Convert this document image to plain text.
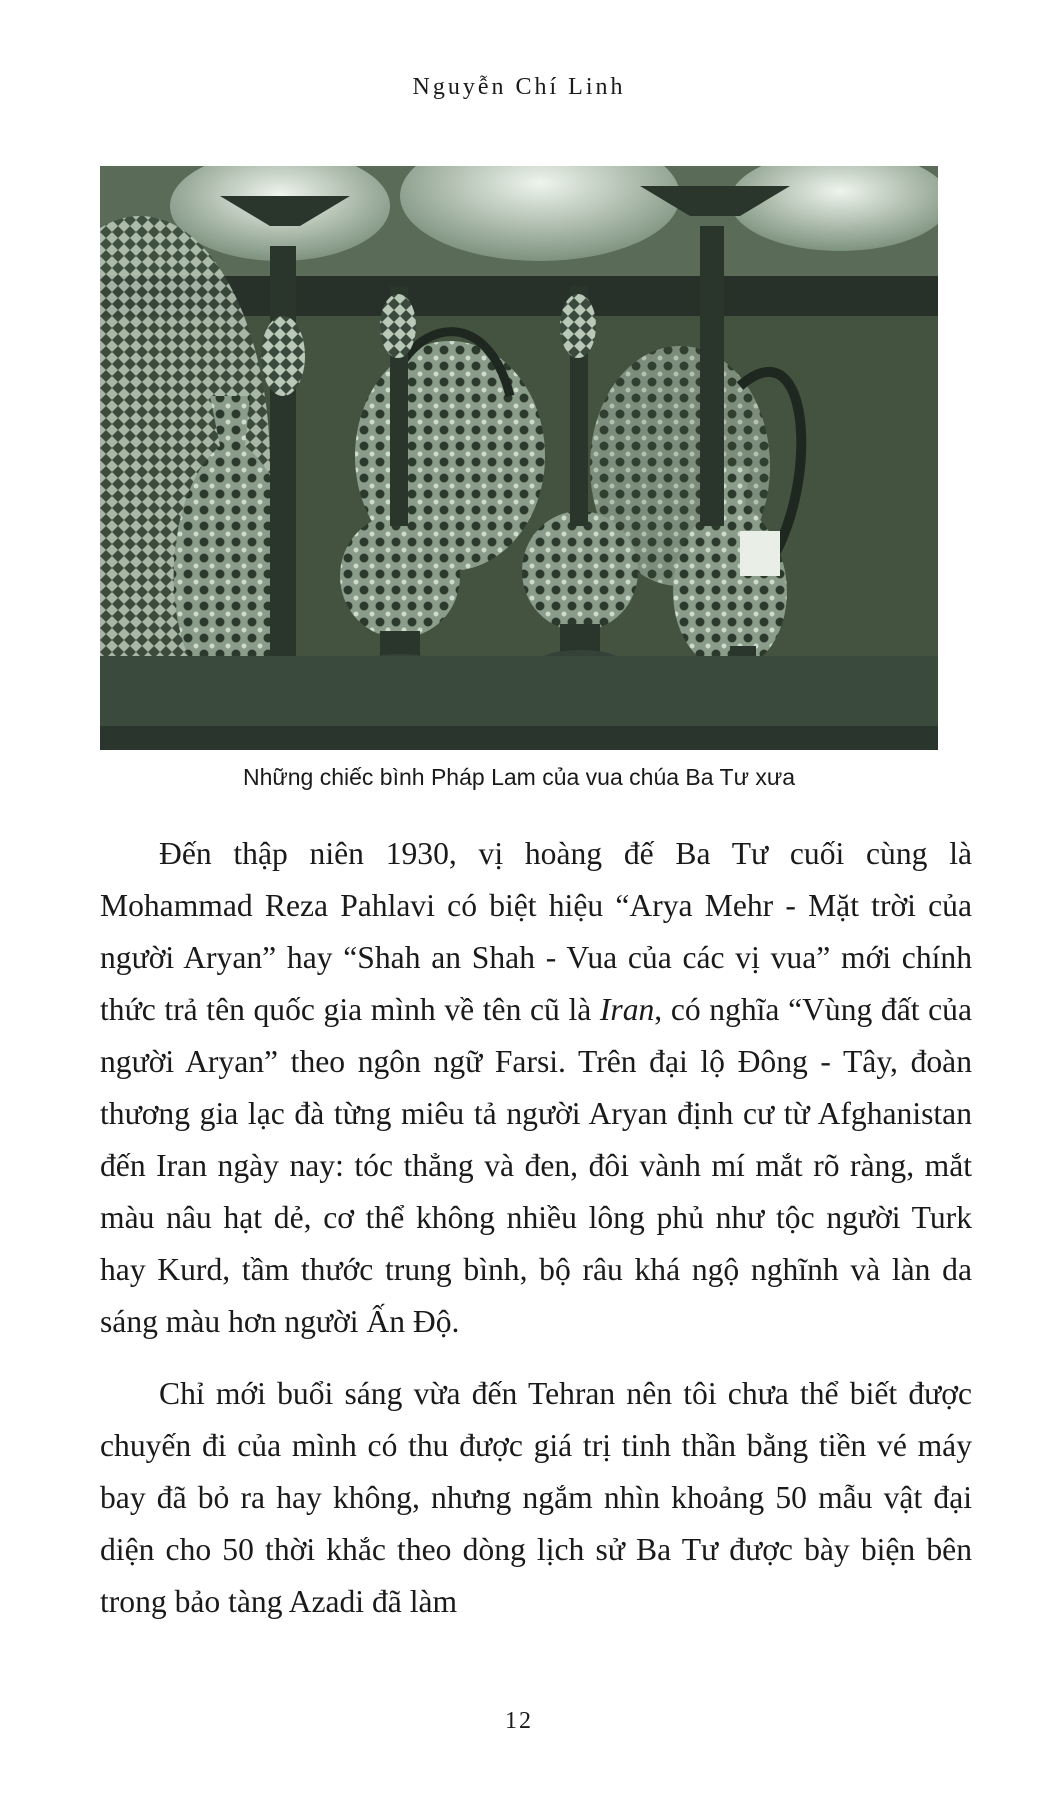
Nguyễn Chí Linh
Những chiếc bình Pháp Lam của vua chúa Ba Tư xưa

Đến thập niên 1930, vị hoàng đế Ba Tư cuối cùng là Mohammad Reza Pahlavi có biệt hiệu “Arya Mehr - Mặt trời của người Aryan” hay “Shah an Shah - Vua của các vị vua” mới chính thức trả tên quốc gia mình về tên cũ là Iran, có nghĩa “Vùng đất của người Aryan” theo ngôn ngữ Farsi. Trên đại lộ Đông - Tây, đoàn thương gia lạc đà từng miêu tả người Aryan định cư từ Afghanistan đến Iran ngày nay: tóc thẳng và đen, đôi vành mí mắt rõ ràng, mắt màu nâu hạt dẻ, cơ thể không nhiều lông phủ như tộc người Turk hay Kurd, tầm thước trung bình, bộ râu khá ngộ nghĩnh và làn da sáng màu hơn người Ấn Độ.

Chỉ mới buổi sáng vừa đến Tehran nên tôi chưa thể biết được chuyến đi của mình có thu được giá trị tinh thần bằng tiền vé máy bay đã bỏ ra hay không, nhưng ngắm nhìn khoảng 50 mẫu vật đại diện cho 50 thời khắc theo dòng lịch sử Ba Tư được bày biện bên trong bảo tàng Azadi đã làm

12
